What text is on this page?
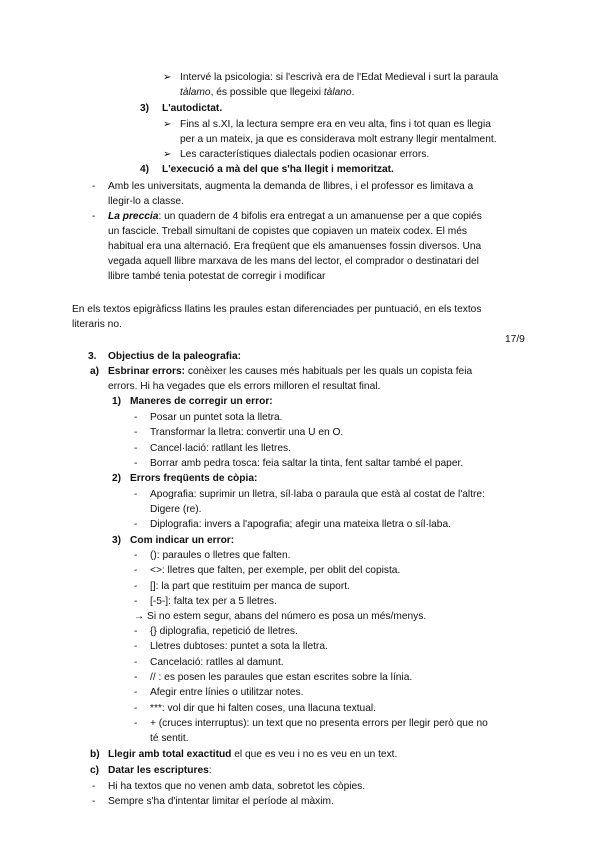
➢ Intervé la psicologia: si l'escrivà era de l'Edat Medieval i surt la paraula
tàlamo, és possible que llegeixi tàlano.
3) L'autodictat.
➢ Fins al s.XI, la lectura sempre era en veu alta, fins i tot quan es llegia
per a un mateix, ja que es considerava molt estrany llegir mentalment.
➢ Les característiques dialectals podien ocasionar errors.
4) L'execució a mà del que s'ha llegit i memoritzat.
- Amb les universitats, augmenta la demanda de llibres, i el professor es limitava a
llegir-lo a classe.
- La preccia: un quadern de 4 bifolis era entregat a un amanuense per a que copiés
un fascicle. Treball simultani de copistes que copiaven un mateix codex. El més
habitual era una alternació. Era freqüent que els amanuenses fossin diversos. Una
vegada aquell llibre marxava de les mans del lector, el comprador o destinatari del
llibre també tenia potestat de corregir i modificar
En els textos epigràficss llatins les praules estan diferenciades per puntuació, en els textos
literaris no.
17/9
3. Objectius de la paleografia:
a) Esbrinar errors: conèixer les causes més habituals per les quals un copista feia
errors. Hi ha vegades que els errors milloren el resultat final.
1) Maneres de corregir un error:
- Posar un puntet sota la lletra.
- Transformar la lletra: convertir una U en O.
- Cancel·lació: ratllant les lletres.
- Borrar amb pedra tosca: feia saltar la tinta, fent saltar també el paper.
2) Errors freqüents de còpia:
- Apografia: suprimir un lletra, síl·laba o paraula que està al costat de l'altre:
Digere (re).
- Diplografia: invers a l'apografia; afegir una mateixa lletra o síl·laba.
3) Com indicar un error:
- (): paraules o lletres que falten.
- <>: lletres que falten, per exemple, per oblit del copista.
- []: la part que restituim per manca de suport.
- [-5-]: falta tex per a 5 lletres.
→ Si no estem segur, abans del número es posa un més/menys.
- {} diplografia, repetició de lletres.
- Lletres dubtoses: puntet a sota la lletra.
- Cancelació: ratlles al damunt.
- // : es posen les paraules que estan escrites sobre la línia.
- Afegir entre línies o utilitzar notes.
- ***: vol dir que hi falten coses, una llacuna textual.
- + (cruces interruptus): un text que no presenta errors per llegir però que no
té sentit.
b) Llegir amb total exactitud el que es veu i no es veu en un text.
c) Datar les escriptures:
- Hi ha textos que no venen amb data, sobretot les còpies.
- Sempre s'ha d'intentar limitar el període al màxim.
